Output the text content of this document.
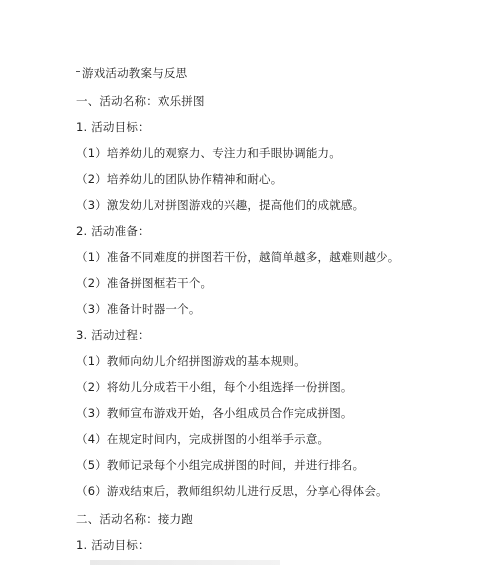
游戏活动教案与反思
一、活动名称：欢乐拼图
1. 活动目标：
（1）培养幼儿的观察力、专注力和手眼协调能力。
（2）培养幼儿的团队协作精神和耐心。
（3）激发幼儿对拼图游戏的兴趣，提高他们的成就感。
2. 活动准备：
（1）准备不同难度的拼图若干份，越简单越多，越难则越少。
（2）准备拼图框若干个。
（3）准备计时器一个。
3. 活动过程：
（1）教师向幼儿介绍拼图游戏的基本规则。
（2）将幼儿分成若干小组，每个小组选择一份拼图。
（3）教师宣布游戏开始，各小组成员合作完成拼图。
（4）在规定时间内，完成拼图的小组举手示意。
（5）教师记录每个小组完成拼图的时间，并进行排名。
（6）游戏结束后，教师组织幼儿进行反思，分享心得体会。
二、活动名称：接力跑
1. 活动目标：
